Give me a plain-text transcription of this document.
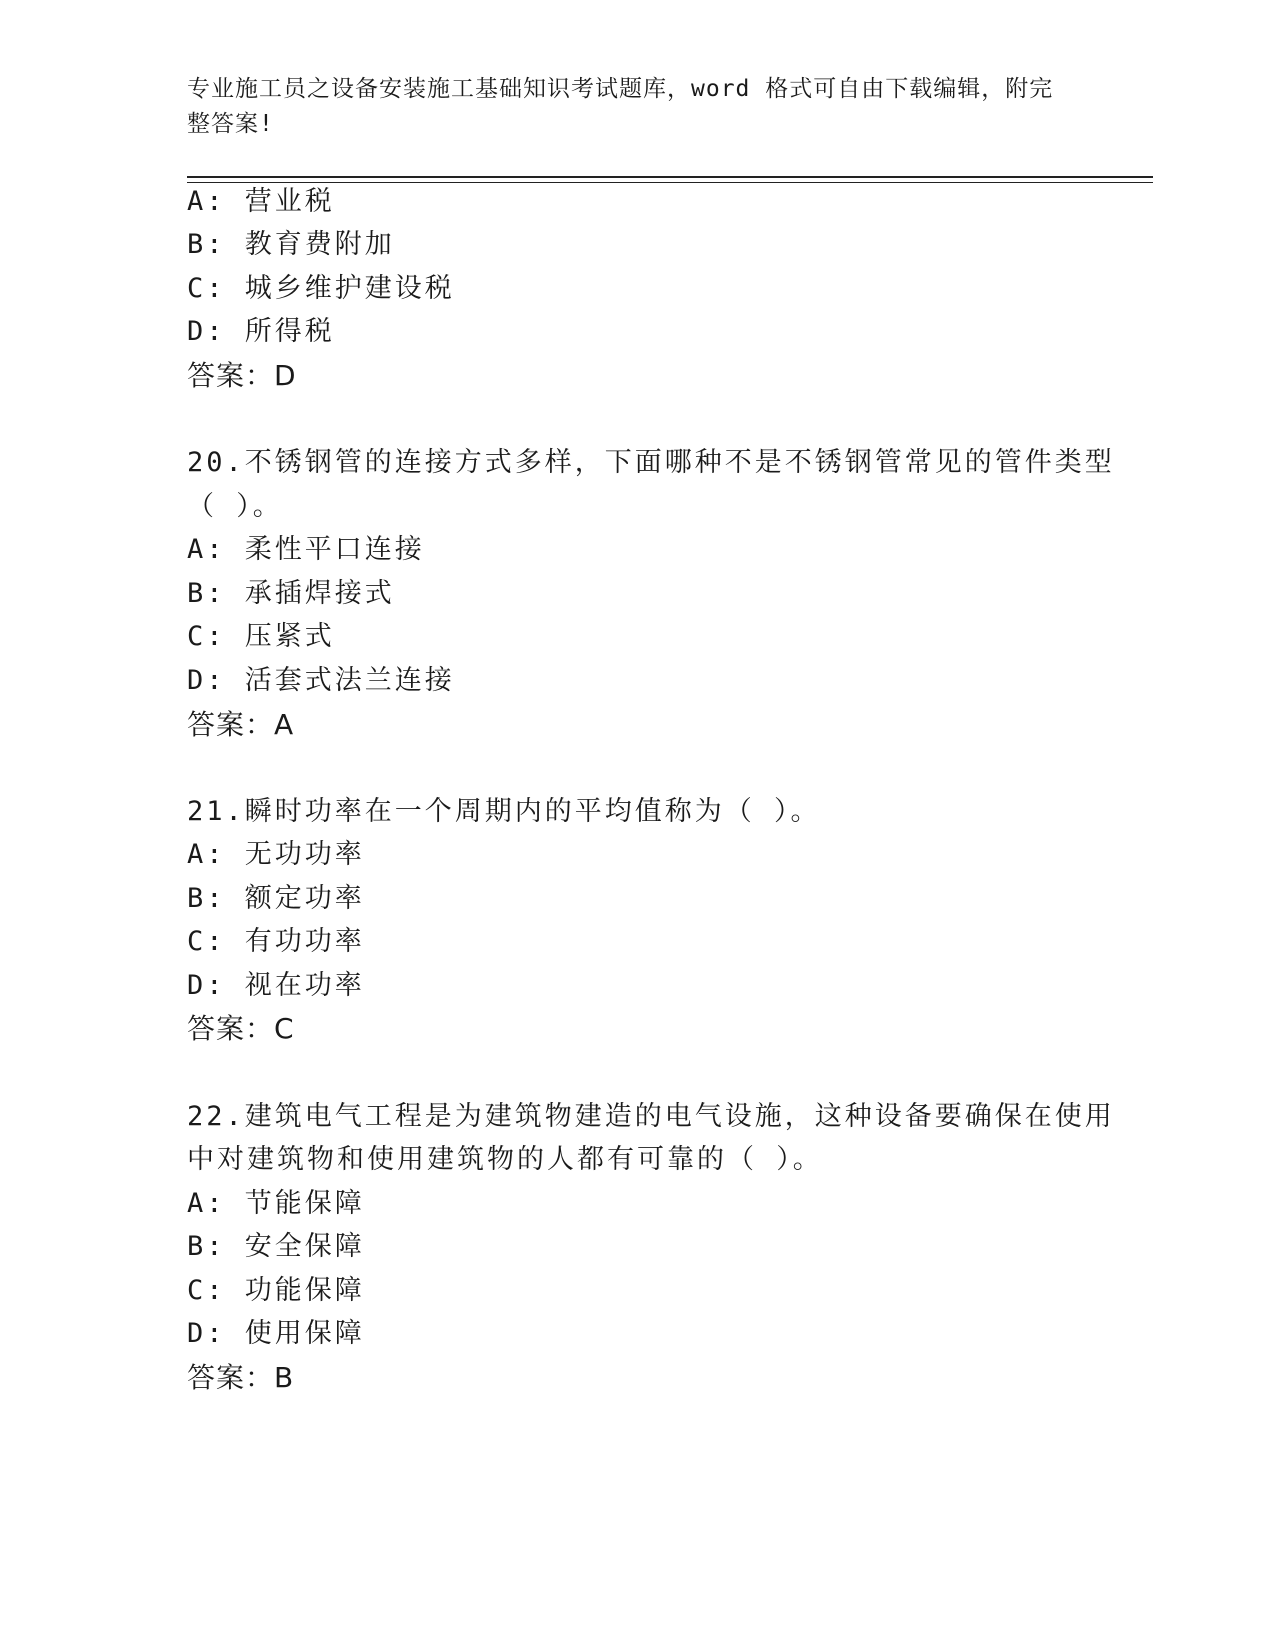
专业施工员之设备安装施工基础知识考试题库，word 格式可自由下载编辑，附完整答案!
A: 营业税
B: 教育费附加
C: 城乡维护建设税
D: 所得税
答案：D
20.不锈钢管的连接方式多样，下面哪种不是不锈钢管常见的管件类型
（ ）。
A: 柔性平口连接
B: 承插焊接式
C: 压紧式
D: 活套式法兰连接
答案：A
21.瞬时功率在一个周期内的平均值称为（ ）。
A: 无功功率
B: 额定功率
C: 有功功率
D: 视在功率
答案：C
22.建筑电气工程是为建筑物建造的电气设施，这种设备要确保在使用
中对建筑物和使用建筑物的人都有可靠的（ ）。
A: 节能保障
B: 安全保障
C: 功能保障
D: 使用保障
答案：B
